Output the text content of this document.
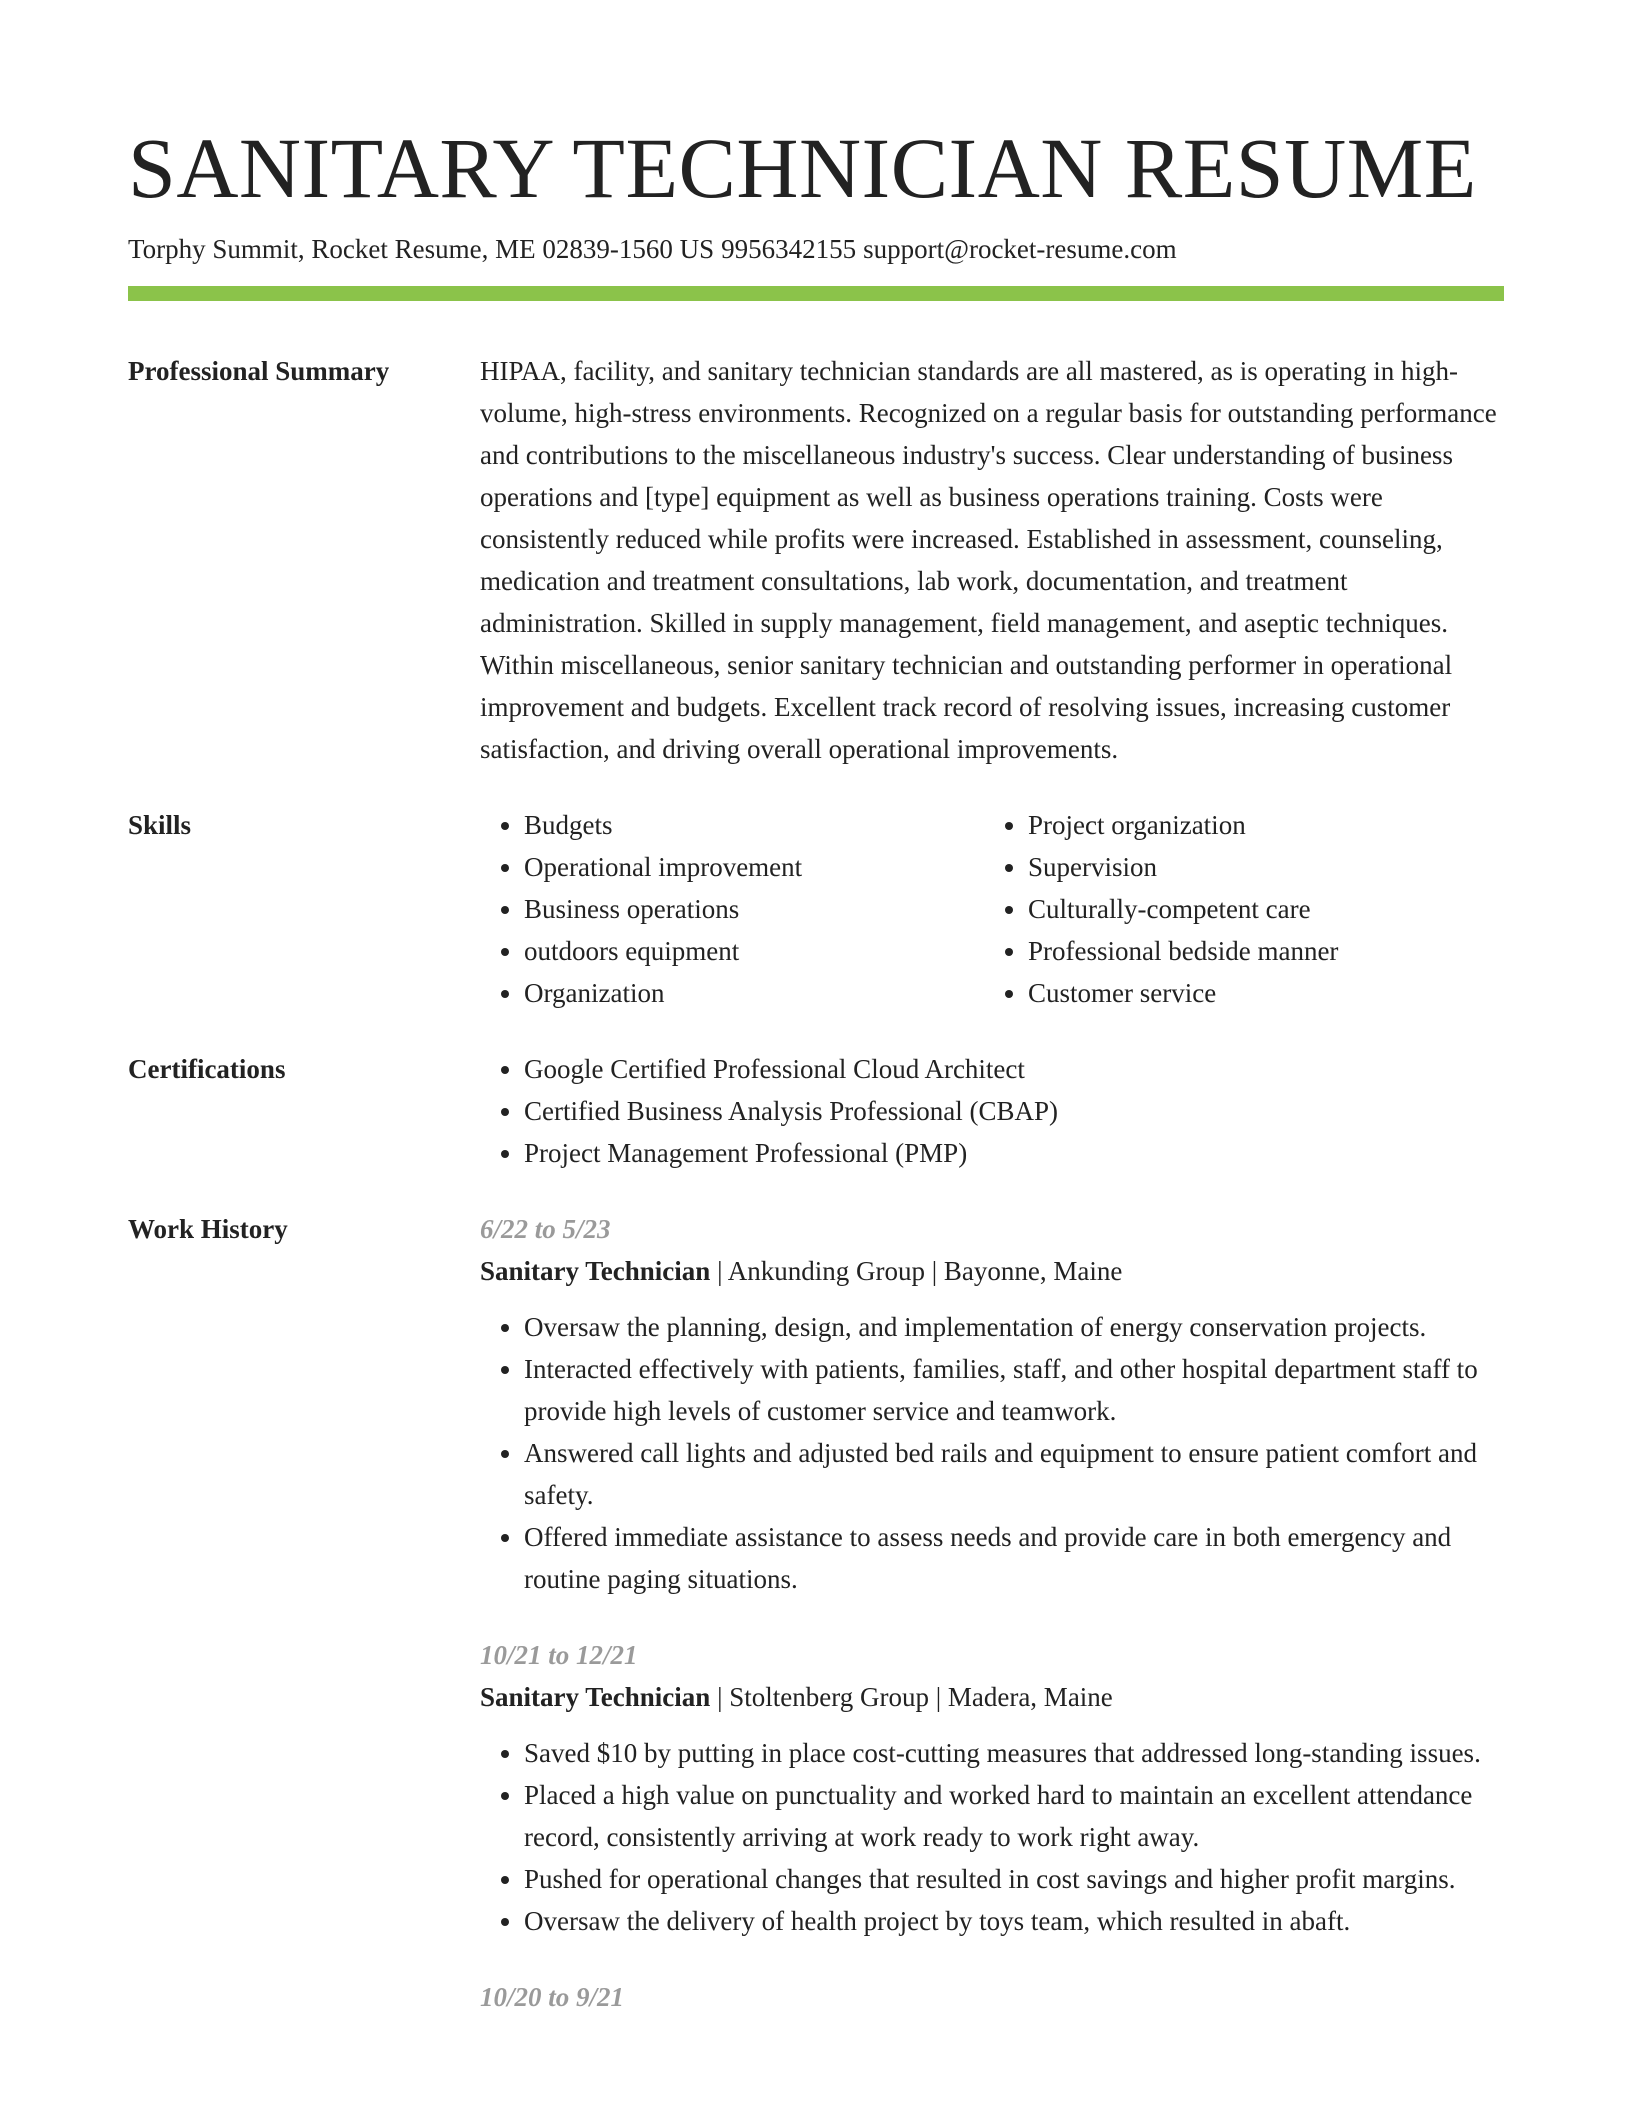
SANITARY TECHNICIAN RESUME
Torphy Summit, Rocket Resume, ME 02839-1560 US 9956342155 support@rocket-resume.com
Professional Summary	HIPAA, facility, and sanitary technician standards are all mastered, as is operating in high-volume, high-stress environments. Recognized on a regular basis for outstanding performance and contributions to the miscellaneous industry's success. Clear understanding of business operations and [type] equipment as well as business operations training. Costs were consistently reduced while profits were increased. Established in assessment, counseling, medication and treatment consultations, lab work, documentation, and treatment administration. Skilled in supply management, field management, and aseptic techniques. Within miscellaneous, senior sanitary technician and outstanding performer in operational improvement and budgets. Excellent track record of resolving issues, increasing customer satisfaction, and driving overall operational improvements.

Skills	• Budgets
• Operational improvement
• Business operations
• outdoors equipment
• Organization
• Project organization
• Supervision
• Culturally-competent care
• Professional bedside manner
• Customer service
Certifications	• Google Certified Professional Cloud Architect
• Certified Business Analysis Professional (CBAP)
• Project Management Professional (PMP)
Work History	6/22 to 5/23
Sanitary Technician | Ankunding Group | Bayonne, Maine
• Oversaw the planning, design, and implementation of energy conservation projects.
• Interacted effectively with patients, families, staff, and other hospital department staff to provide high levels of customer service and teamwork.
• Answered call lights and adjusted bed rails and equipment to ensure patient comfort and safety.
• Offered immediate assistance to assess needs and provide care in both emergency and routine paging situations.
10/21 to 12/21
Sanitary Technician | Stoltenberg Group | Madera, Maine
• Saved $10 by putting in place cost-cutting measures that addressed long-standing issues.
• Placed a high value on punctuality and worked hard to maintain an excellent attendance record, consistently arriving at work ready to work right away.
• Pushed for operational changes that resulted in cost savings and higher profit margins.
• Oversaw the delivery of health project by toys team, which resulted in abaft.
10/20 to 9/21
